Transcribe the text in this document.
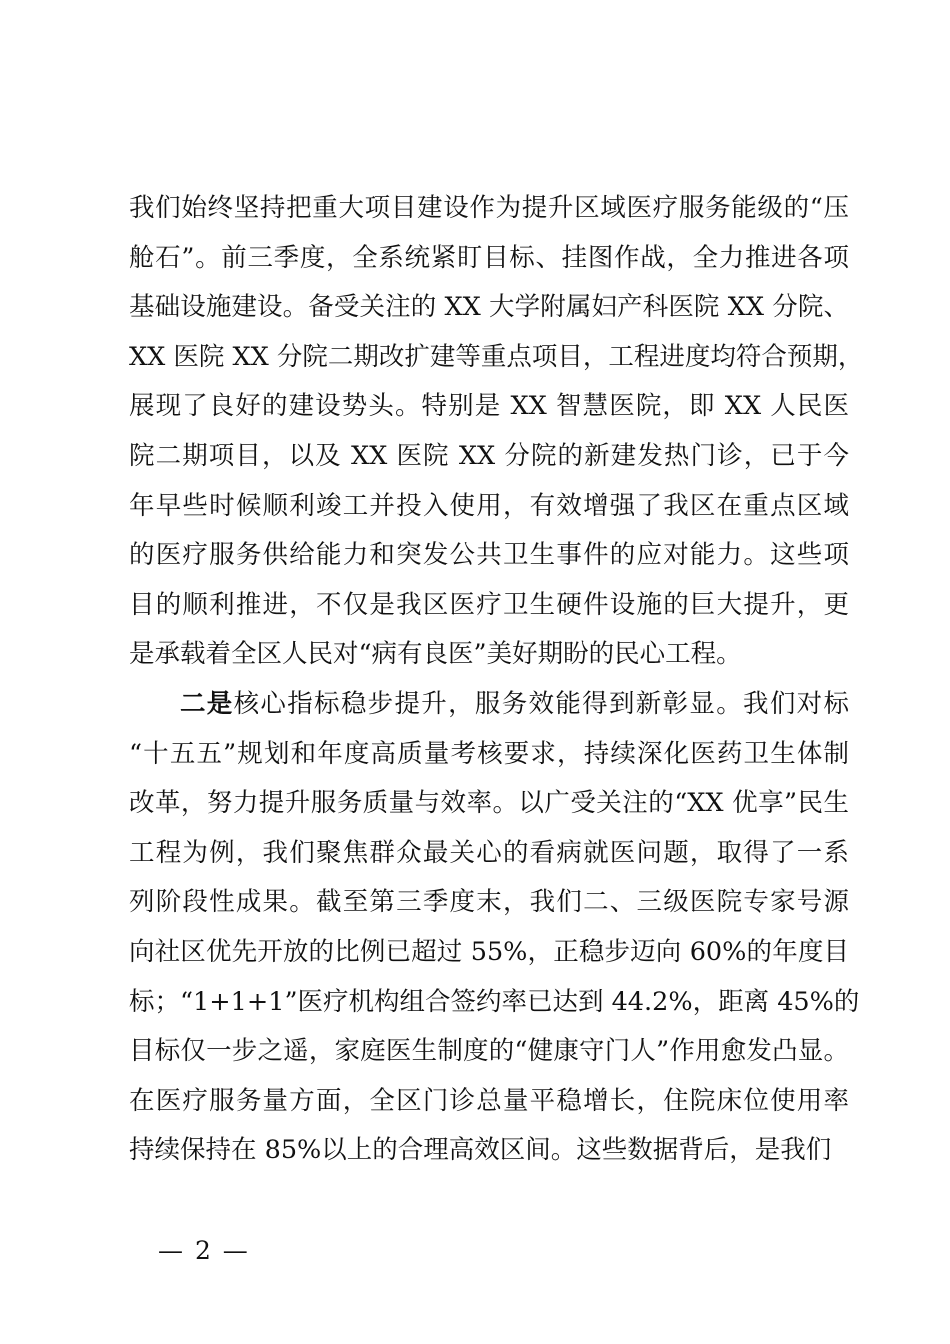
我们始终坚持把重大项目建设作为提升区域医疗服务能级的“压
舱石”。前三季度，全系统紧盯目标、挂图作战，全力推进各项
基础设施建设。备受关注的 XX 大学附属妇产科医院 XX 分院、
XX 医院 XX 分院二期改扩建等重点项目，工程进度均符合预期，
展现了良好的建设势头。特别是 XX 智慧医院，即 XX 人民医
院二期项目，以及 XX 医院 XX 分院的新建发热门诊，已于今
年早些时候顺利竣工并投入使用，有效增强了我区在重点区域
的医疗服务供给能力和突发公共卫生事件的应对能力。这些项
目的顺利推进，不仅是我区医疗卫生硬件设施的巨大提升，更
是承载着全区人民对“病有良医”美好期盼的民心工程。
二是核心指标稳步提升，服务效能得到新彰显。我们对标
“十五五”规划和年度高质量考核要求，持续深化医药卫生体制
改革，努力提升服务质量与效率。以广受关注的“XX 优享”民生
工程为例，我们聚焦群众最关心的看病就医问题，取得了一系
列阶段性成果。截至第三季度末，我们二、三级医院专家号源
向社区优先开放的比例已超过 55%，正稳步迈向 60%的年度目
标；“1+1+1”医疗机构组合签约率已达到 44.2%，距离 45%的
目标仅一步之遥，家庭医生制度的“健康守门人”作用愈发凸显。
在医疗服务量方面，全区门诊总量平稳增长，住院床位使用率
持续保持在 85%以上的合理高效区间。这些数据背后，是我们
— 2 —
